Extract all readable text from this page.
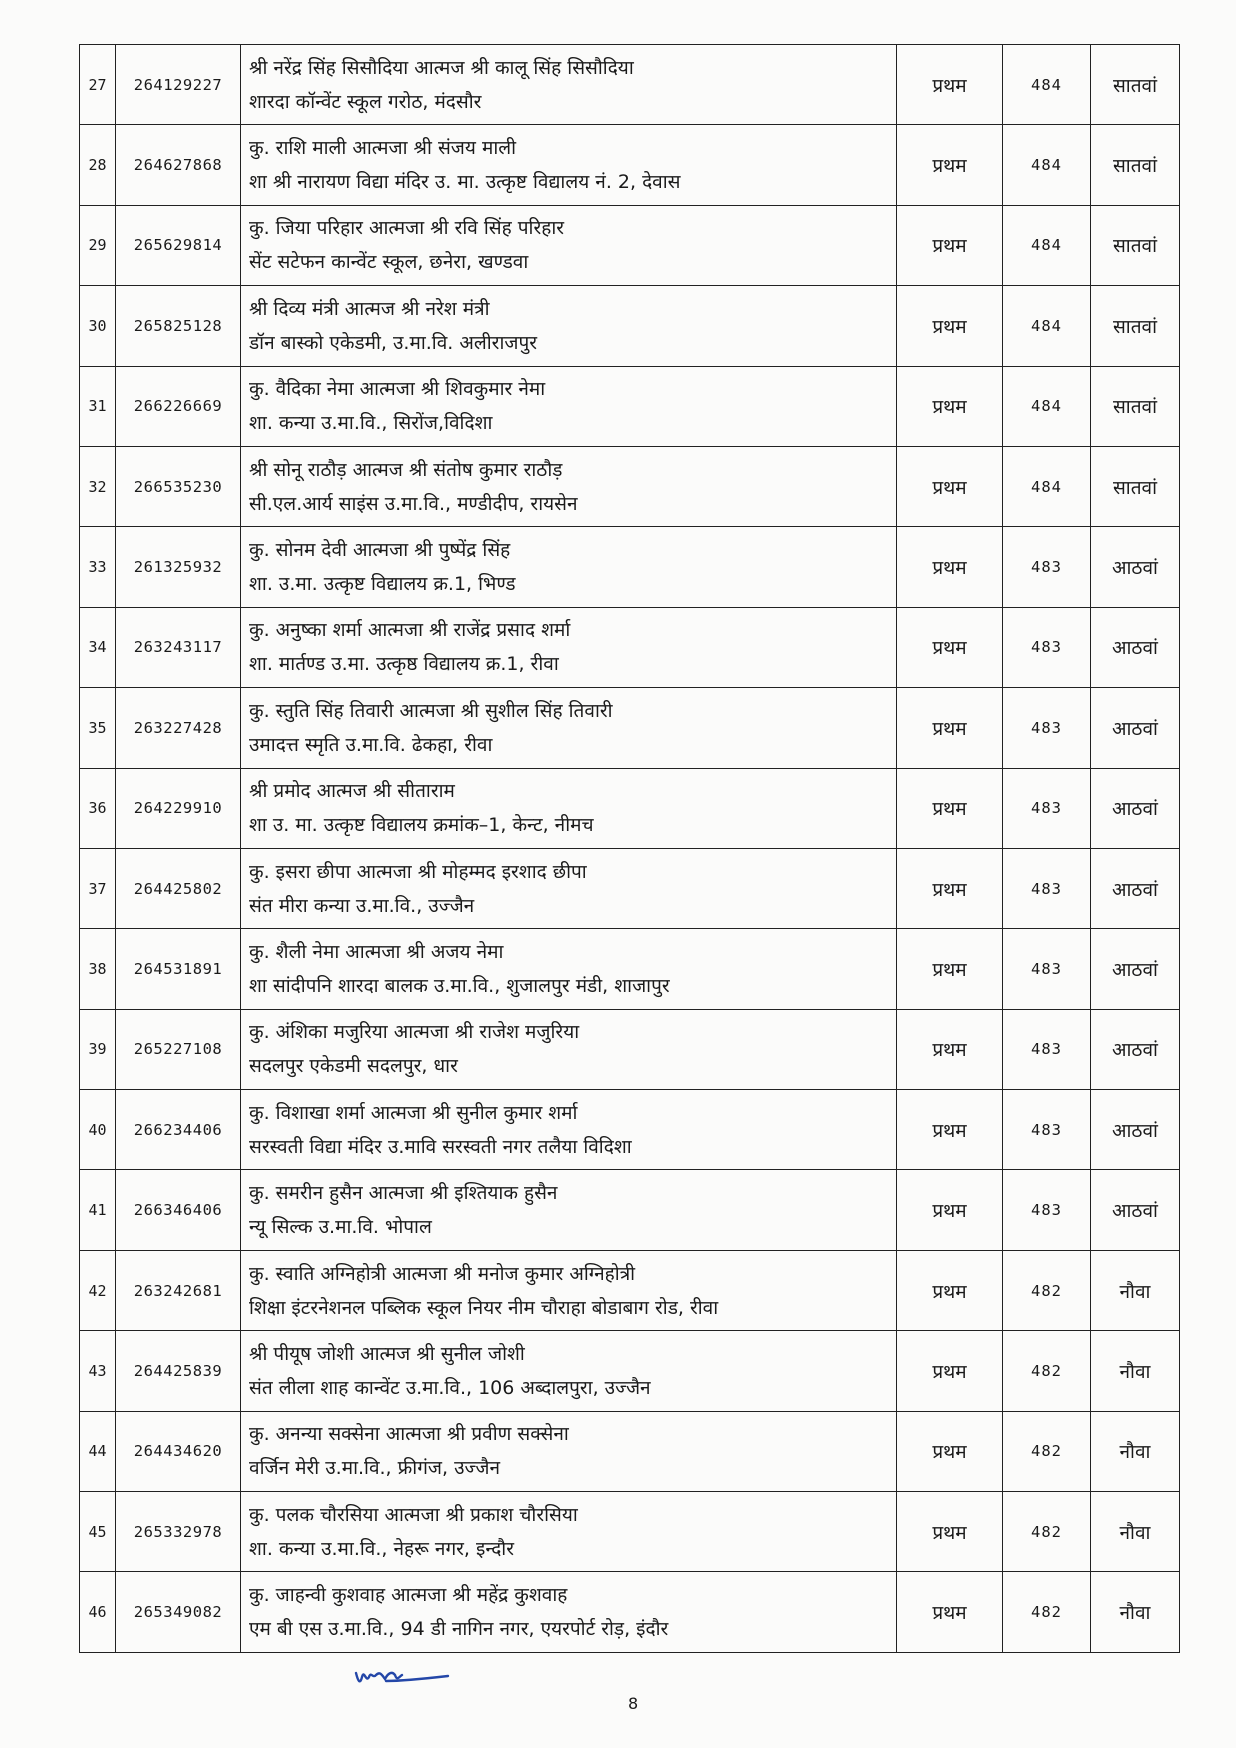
27	264129227	श्री नरेंद्र सिंह सिसौदिया आत्मज श्री कालू सिंह सिसौदिया
शारदा कॉन्वेंट स्कूल गरोठ, मंदसौर	प्रथम	484	सातवां
28	264627868	कु. राशि माली आत्मजा श्री संजय माली
शा श्री नारायण विद्या मंदिर उ. मा. उत्कृष्ट विद्यालय नं. 2, देवास	प्रथम	484	सातवां
29	265629814	कु. जिया परिहार आत्मजा श्री रवि सिंह परिहार
सेंट सटेफन कान्वेंट स्कूल, छनेरा, खण्डवा	प्रथम	484	सातवां
30	265825128	श्री दिव्य मंत्री आत्मज श्री नरेश मंत्री
डॉन बास्को एकेडमी, उ.मा.वि. अलीराजपुर	प्रथम	484	सातवां
31	266226669	कु. वैदिका नेमा आत्मजा श्री शिवकुमार नेमा
शा. कन्या उ.मा.वि., सिरोंज,विदिशा	प्रथम	484	सातवां
32	266535230	श्री सोनू राठौड़ आत्मज श्री संतोष कुमार राठौड़
सी.एल.आर्य साइंस उ.मा.वि., मण्डीदीप, रायसेन	प्रथम	484	सातवां
33	261325932	कु. सोनम देवी आत्मजा श्री पुष्पेंद्र सिंह
शा. उ.मा. उत्कृष्ट विद्यालय क्र.1, भिण्ड	प्रथम	483	आठवां
34	263243117	कु. अनुष्का शर्मा आत्मजा श्री राजेंद्र प्रसाद शर्मा
शा. मार्तण्ड उ.मा. उत्कृष्ठ विद्यालय क्र.1, रीवा	प्रथम	483	आठवां
35	263227428	कु. स्तुति सिंह तिवारी आत्मजा श्री सुशील सिंह तिवारी
उमादत्त स्मृति उ.मा.वि. ढेकहा, रीवा	प्रथम	483	आठवां
36	264229910	श्री प्रमोद आत्मज श्री सीताराम
शा उ. मा. उत्कृष्ट विद्यालय क्रमांक–1, केन्ट, नीमच	प्रथम	483	आठवां
37	264425802	कु. इसरा छीपा आत्मजा श्री मोहम्मद इरशाद छीपा
संत मीरा कन्या उ.मा.वि., उज्जैन	प्रथम	483	आठवां
38	264531891	कु. शैली नेमा आत्मजा श्री अजय नेमा
शा सांदीपनि शारदा बालक उ.मा.वि., शुजालपुर मंडी, शाजापुर	प्रथम	483	आठवां
39	265227108	कु. अंशिका मजुरिया आत्मजा श्री राजेश मजुरिया
सदलपुर एकेडमी सदलपुर, धार	प्रथम	483	आठवां
40	266234406	कु. विशाखा शर्मा आत्मजा श्री सुनील कुमार शर्मा
सरस्वती विद्या मंदिर उ.मावि सरस्वती नगर तलैया विदिशा	प्रथम	483	आठवां
41	266346406	कु. समरीन हुसैन आत्मजा श्री इश्तियाक हुसैन
न्यू सिल्क उ.मा.वि. भोपाल	प्रथम	483	आठवां
42	263242681	कु. स्वाति अग्निहोत्री आत्मजा श्री मनोज कुमार अग्निहोत्री
शिक्षा इंटरनेशनल पब्लिक स्कूल नियर नीम चौराहा बोडाबाग रोड, रीवा	प्रथम	482	नौवा
43	264425839	श्री पीयूष जोशी आत्मज श्री सुनील जोशी
संत लीला शाह कान्वेंट उ.मा.वि., 106 अब्दालपुरा, उज्जैन	प्रथम	482	नौवा
44	264434620	कु. अनन्या सक्सेना आत्मजा श्री प्रवीण सक्सेना
वर्जिन मेरी उ.मा.वि., फ्रीगंज, उज्जैन	प्रथम	482	नौवा
45	265332978	कु. पलक चौरसिया आत्मजा श्री प्रकाश चौरसिया
शा. कन्या उ.मा.वि., नेहरू नगर, इन्दौर	प्रथम	482	नौवा
46	265349082	कु. जाहन्वी कुशवाह आत्मजा श्री महेंद्र कुशवाह
एम बी एस उ.मा.वि., 94 डी नागिन नगर, एयरपोर्ट रोड़, इंदौर	प्रथम	482	नौवा
8
